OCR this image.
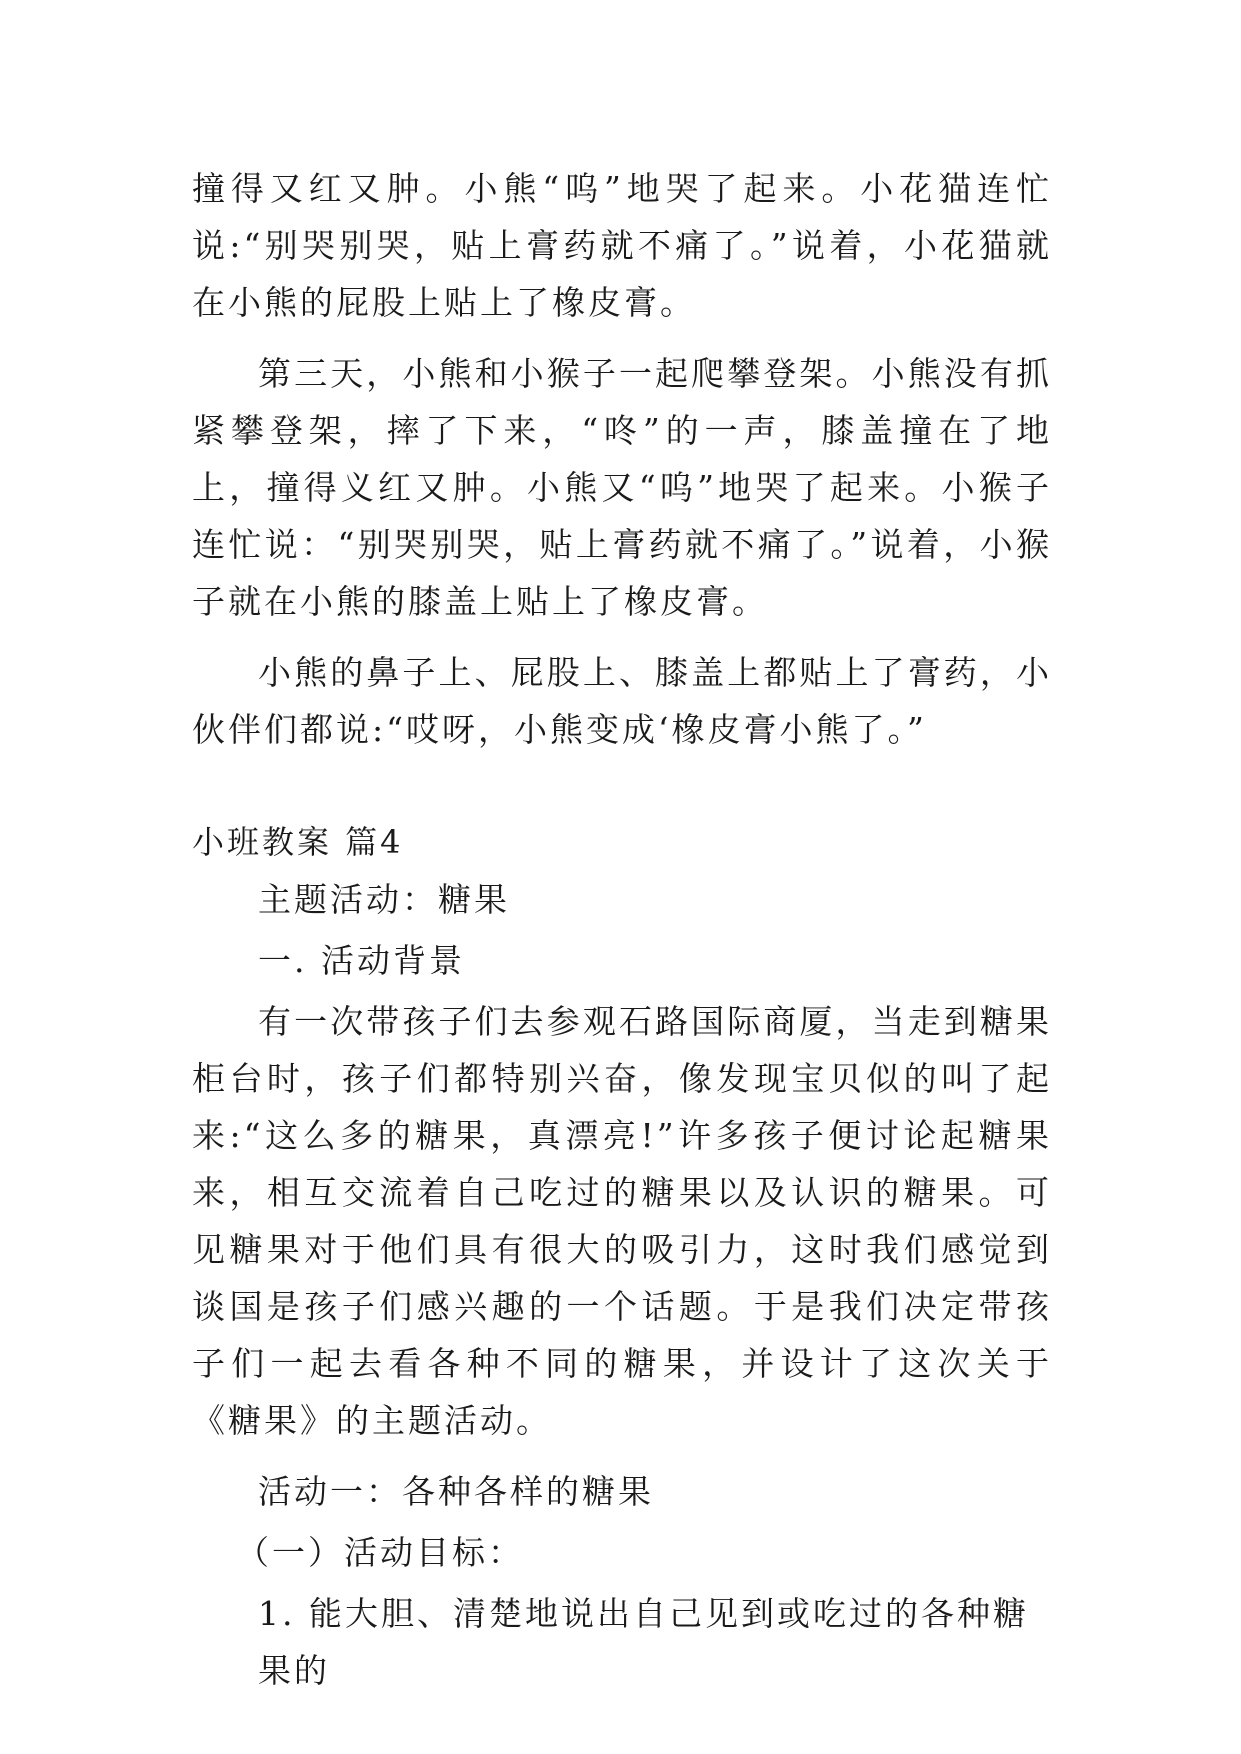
撞得又红又肿。小熊“呜”地哭了起来。小花猫连忙说:“别哭别哭，贴上膏药就不痛了。”说着，小花猫就在小熊的屁股上贴上了橡皮膏。

第三天，小熊和小猴子一起爬攀登架。小熊没有抓紧攀登架，摔了下来，“咚”的一声，膝盖撞在了地上，撞得义红又肿。小熊又“呜”地哭了起来。小猴子连忙说：“别哭别哭，贴上膏药就不痛了。”说着，小猴子就在小熊的膝盖上贴上了橡皮膏。

小熊的鼻子上、屁股上、膝盖上都贴上了膏药，小伙伴们都说:“哎呀，小熊变成‘橡皮膏小熊了。”

小班教案 篇4

主题活动：糖果

一. 活动背景

有一次带孩子们去参观石路国际商厦，当走到糖果柜台时，孩子们都特别兴奋，像发现宝贝似的叫了起来:“这么多的糖果，真漂亮!”许多孩子便讨论起糖果来，相互交流着自己吃过的糖果以及认识的糖果。可见糖果对于他们具有很大的吸引力，这时我们感觉到谈国是孩子们感兴趣的一个话题。于是我们决定带孩子们一起去看各种不同的糖果，并设计了这次关于《糖果》的主题活动。

活动一：各种各样的糖果

（一）活动目标：

1. 能大胆、清楚地说出自己见到或吃过的各种糖果的
